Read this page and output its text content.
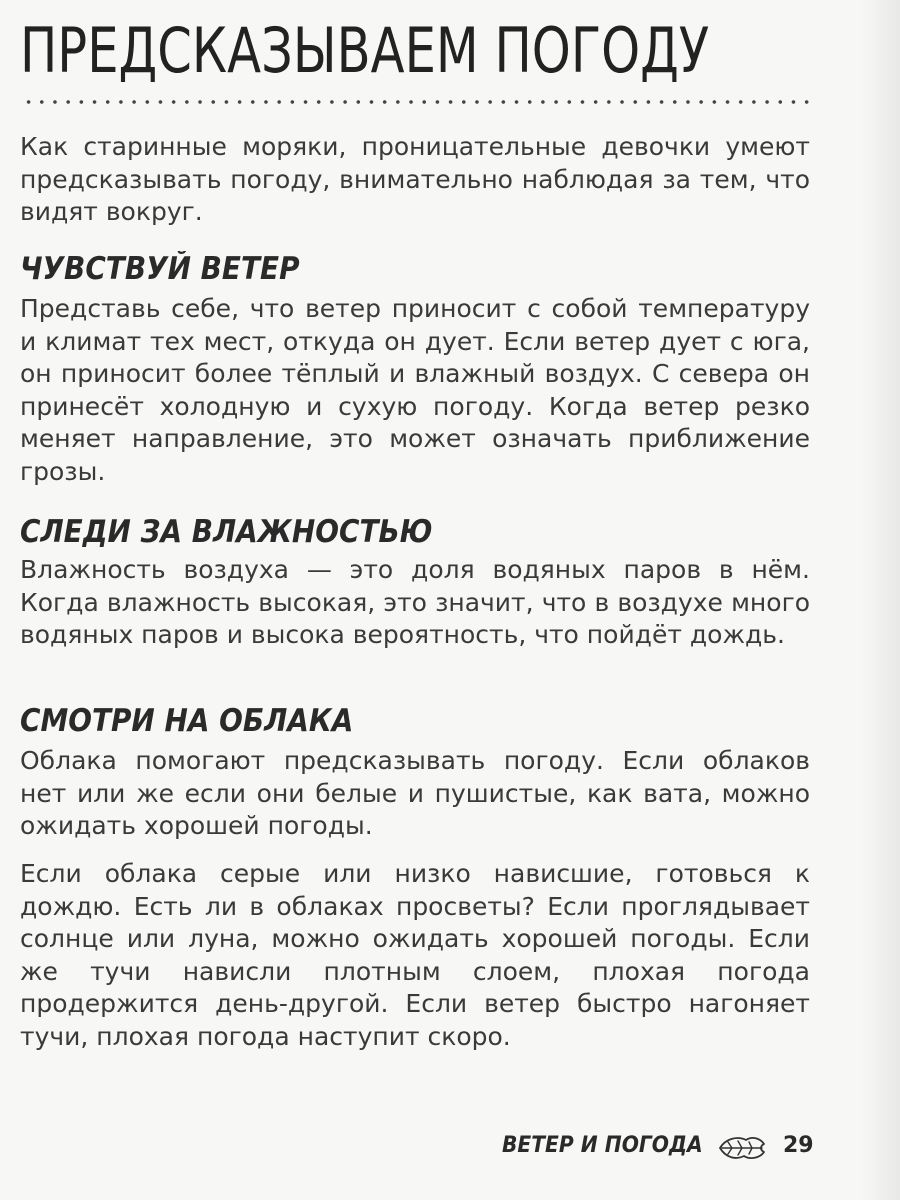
ПРЕДСКАЗЫВАЕМ ПОГОДУ

Как старинные моряки, проницательные девочки умеют предсказывать погоду, внимательно наблюдая за тем, что видят вокруг.

ЧУВСТВУЙ ВЕТЕР

Представь себе, что ветер приносит с собой температуру и климат тех мест, откуда он дует. Если ветер дует с юга, он приносит более тёплый и влажный воздух. С севера он принесёт холодную и сухую погоду. Когда ветер резко меняет направление, это может означать приближение грозы.

СЛЕДИ ЗА ВЛАЖНОСТЬЮ

Влажность воздуха — это доля водяных паров в нём. Когда влажность высокая, это значит, что в воздухе много водяных паров и высока вероятность, что пойдёт дождь.

СМОТРИ НА ОБЛАКА

Облака помогают предсказывать погоду. Если облаков нет или же если они белые и пушистые, как вата, можно ожидать хорошей погоды.

Если облака серые или низко нависшие, готовься к дождю. Есть ли в облаках просветы? Если проглядывает солнце или луна, можно ожидать хорошей погоды. Если же тучи нависли плотным слоем, плохая погода продержится день-другой. Если ветер быстро нагоняет тучи, плохая погода наступит скоро.

ВЕТЕР И ПОГОДА	29
